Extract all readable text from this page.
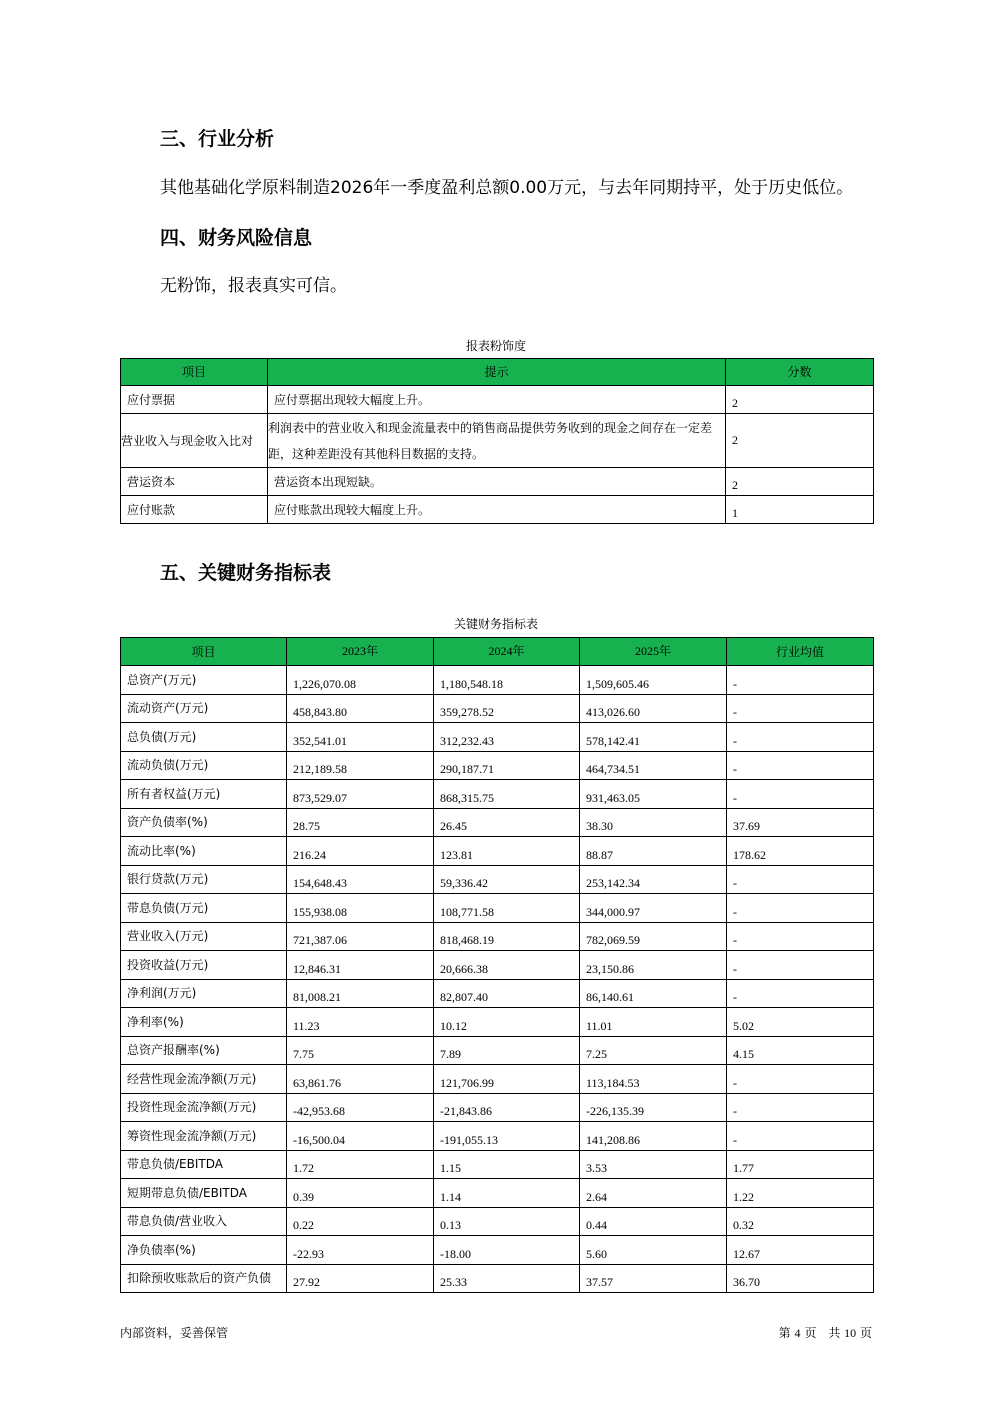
三、行业分析

其他基础化学原料制造2026年一季度盈利总额0.00万元，与去年同期持平，处于历史低位。

四、财务风险信息

无粉饰，报表真实可信。

报表粉饰度
项目	提示	分数
应付票据	应付票据出现较大幅度上升。	2
营业收入与现金收入比对	利润表中的营业收入和现金流量表中的销售商品提供劳务收到的现金之间存在一定差距，这种差距没有其他科目数据的支持。	2
营运资本	营运资本出现短缺。	2
应付账款	应付账款出现较大幅度上升。	1
五、关键财务指标表
关键财务指标表
项目	2023年	2024年	2025年	行业均值
总资产(万元)	1,226,070.08	1,180,548.18	1,509,605.46	-
流动资产(万元)	458,843.80	359,278.52	413,026.60	-
总负债(万元)	352,541.01	312,232.43	578,142.41	-
流动负债(万元)	212,189.58	290,187.71	464,734.51	-
所有者权益(万元)	873,529.07	868,315.75	931,463.05	-
资产负债率(%)	28.75	26.45	38.30	37.69
流动比率(%)	216.24	123.81	88.87	178.62
银行贷款(万元)	154,648.43	59,336.42	253,142.34	-
带息负债(万元)	155,938.08	108,771.58	344,000.97	-
营业收入(万元)	721,387.06	818,468.19	782,069.59	-
投资收益(万元)	12,846.31	20,666.38	23,150.86	-
净利润(万元)	81,008.21	82,807.40	86,140.61	-
净利率(%)	11.23	10.12	11.01	5.02
总资产报酬率(%)	7.75	7.89	7.25	4.15
经营性现金流净额(万元)	63,861.76	121,706.99	113,184.53	-
投资性现金流净额(万元)	-42,953.68	-21,843.86	-226,135.39	-
筹资性现金流净额(万元)	-16,500.04	-191,055.13	141,208.86	-
带息负债/EBITDA	1.72	1.15	3.53	1.77
短期带息负债/EBITDA	0.39	1.14	2.64	1.22
带息负债/营业收入	0.22	0.13	0.44	0.32
净负债率(%)	-22.93	-18.00	5.60	12.67
扣除预收账款后的资产负债	27.92	25.33	37.57	36.70
内部资料，妥善保管	第 4 页　共 10 页
